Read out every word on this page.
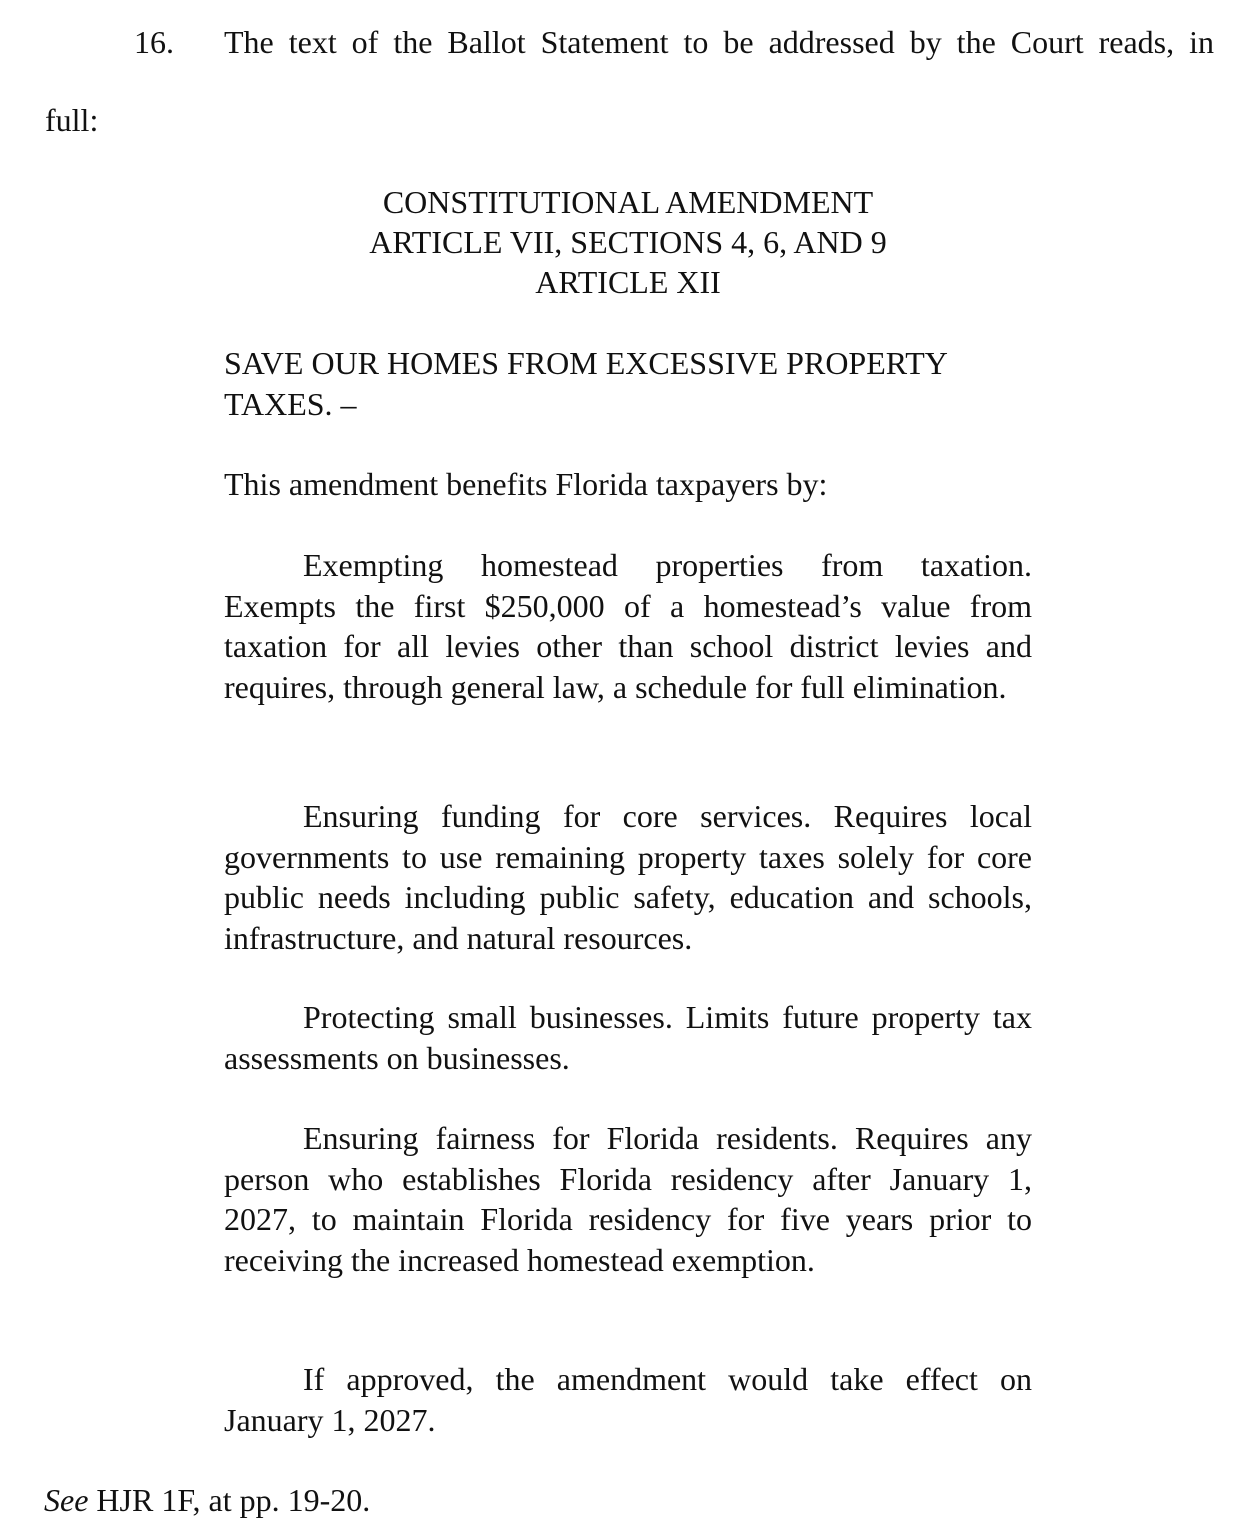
16. The text of the Ballot Statement to be addressed by the Court reads, in
full:
CONSTITUTIONAL AMENDMENT
ARTICLE VII, SECTIONS 4, 6, AND 9
ARTICLE XII
SAVE OUR HOMES FROM EXCESSIVE PROPERTY TAXES. –
This amendment benefits Florida taxpayers by:
Exempting homestead properties from taxation. Exempts the first $250,000 of a homestead’s value from taxation for all levies other than school district levies and requires, through general law, a schedule for full elimination.
Ensuring funding for core services. Requires local governments to use remaining property taxes solely for core public needs including public safety, education and schools, infrastructure, and natural resources.
Protecting small businesses. Limits future property tax assessments on businesses.
Ensuring fairness for Florida residents. Requires any person who establishes Florida residency after January 1, 2027, to maintain Florida residency for five years prior to receiving the increased homestead exemption.
If approved, the amendment would take effect on January 1, 2027.
See HJR 1F, at pp. 19-20.
